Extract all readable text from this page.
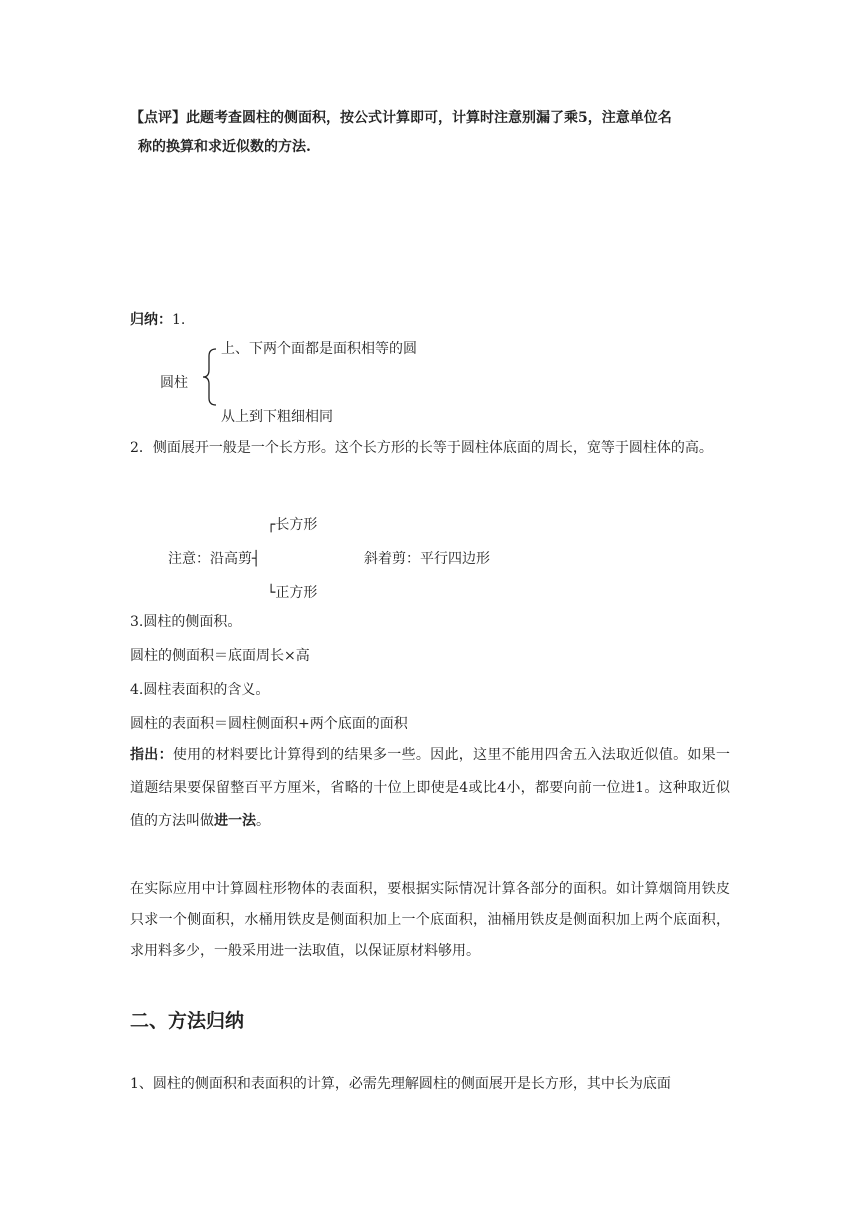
【点评】此题考查圆柱的侧面积，按公式计算即可，计算时注意别漏了乘5，注意单位名
称的换算和求近似数的方法.
归纳：1.
上、下两个面都是面积相等的圆
圆柱
从上到下粗细相同
2．侧面展开一般是一个长方形。这个长方形的长等于圆柱体底面的周长，宽等于圆柱体的高。
┌长方形
注意：沿高剪┤	斜着剪：平行四边形
└正方形
3.圆柱的侧面积。
圆柱的侧面积＝底面周长×高
4.圆柱表面积的含义。
圆柱的表面积＝圆柱侧面积+两个底面的面积
指出：使用的材料要比计算得到的结果多一些。因此，这里不能用四舍五入法取近似值。如果一道题结果要保留整百平方厘米，省略的十位上即使是4或比4小，都要向前一位进1。这种取近似值的方法叫做进一法。
在实际应用中计算圆柱形物体的表面积，要根据实际情况计算各部分的面积。如计算烟筒用铁皮只求一个侧面积，水桶用铁皮是侧面积加上一个底面积，油桶用铁皮是侧面积加上两个底面积，求用料多少，一般采用进一法取值，以保证原材料够用。
二、方法归纳
1、圆柱的侧面积和表面积的计算，必需先理解圆柱的侧面展开是长方形，其中长为底面
